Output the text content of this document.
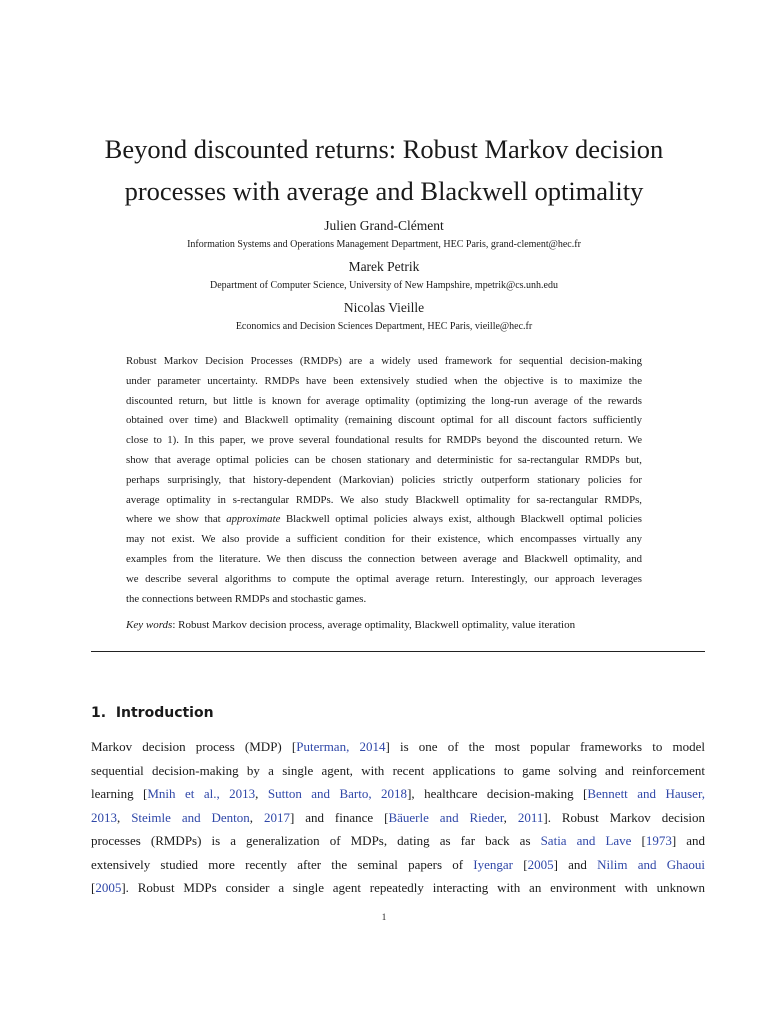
Beyond discounted returns: Robust Markov decision
processes with average and Blackwell optimality
Julien Grand-Clément
Information Systems and Operations Management Department, HEC Paris, grand-clement@hec.fr
Marek Petrik
Department of Computer Science, University of New Hampshire, mpetrik@cs.unh.edu
Nicolas Vieille
Economics and Decision Sciences Department, HEC Paris, vieille@hec.fr
Robust Markov Decision Processes (RMDPs) are a widely used framework for sequential decision-making
under parameter uncertainty. RMDPs have been extensively studied when the objective is to maximize the
discounted return, but little is known for average optimality (optimizing the long-run average of the rewards
obtained over time) and Blackwell optimality (remaining discount optimal for all discount factors sufficiently
close to 1). In this paper, we prove several foundational results for RMDPs beyond the discounted return. We
show that average optimal policies can be chosen stationary and deterministic for sa-rectangular RMDPs but,
perhaps surprisingly, that history-dependent (Markovian) policies strictly outperform stationary policies for
average optimality in s-rectangular RMDPs. We also study Blackwell optimality for sa-rectangular RMDPs,
where we show that approximate Blackwell optimal policies always exist, although Blackwell optimal policies
may not exist. We also provide a sufficient condition for their existence, which encompasses virtually any
examples from the literature. We then discuss the connection between average and Blackwell optimality, and
we describe several algorithms to compute the optimal average return. Interestingly, our approach leverages
the connections between RMDPs and stochastic games.
Key words: Robust Markov decision process, average optimality, Blackwell optimality, value iteration
1. Introduction
Markov decision process (MDP) [Puterman, 2014] is one of the most popular frameworks to model
sequential decision-making by a single agent, with recent applications to game solving and reinforcement
learning [Mnih et al., 2013, Sutton and Barto, 2018], healthcare decision-making [Bennett and Hauser,
2013, Steimle and Denton, 2017] and finance [Bäuerle and Rieder, 2011]. Robust Markov decision
processes (RMDPs) is a generalization of MDPs, dating as far back as Satia and Lave [1973] and
extensively studied more recently after the seminal papers of Iyengar [2005] and Nilim and Ghaoui
[2005]. Robust MDPs consider a single agent repeatedly interacting with an environment with unknown
1
